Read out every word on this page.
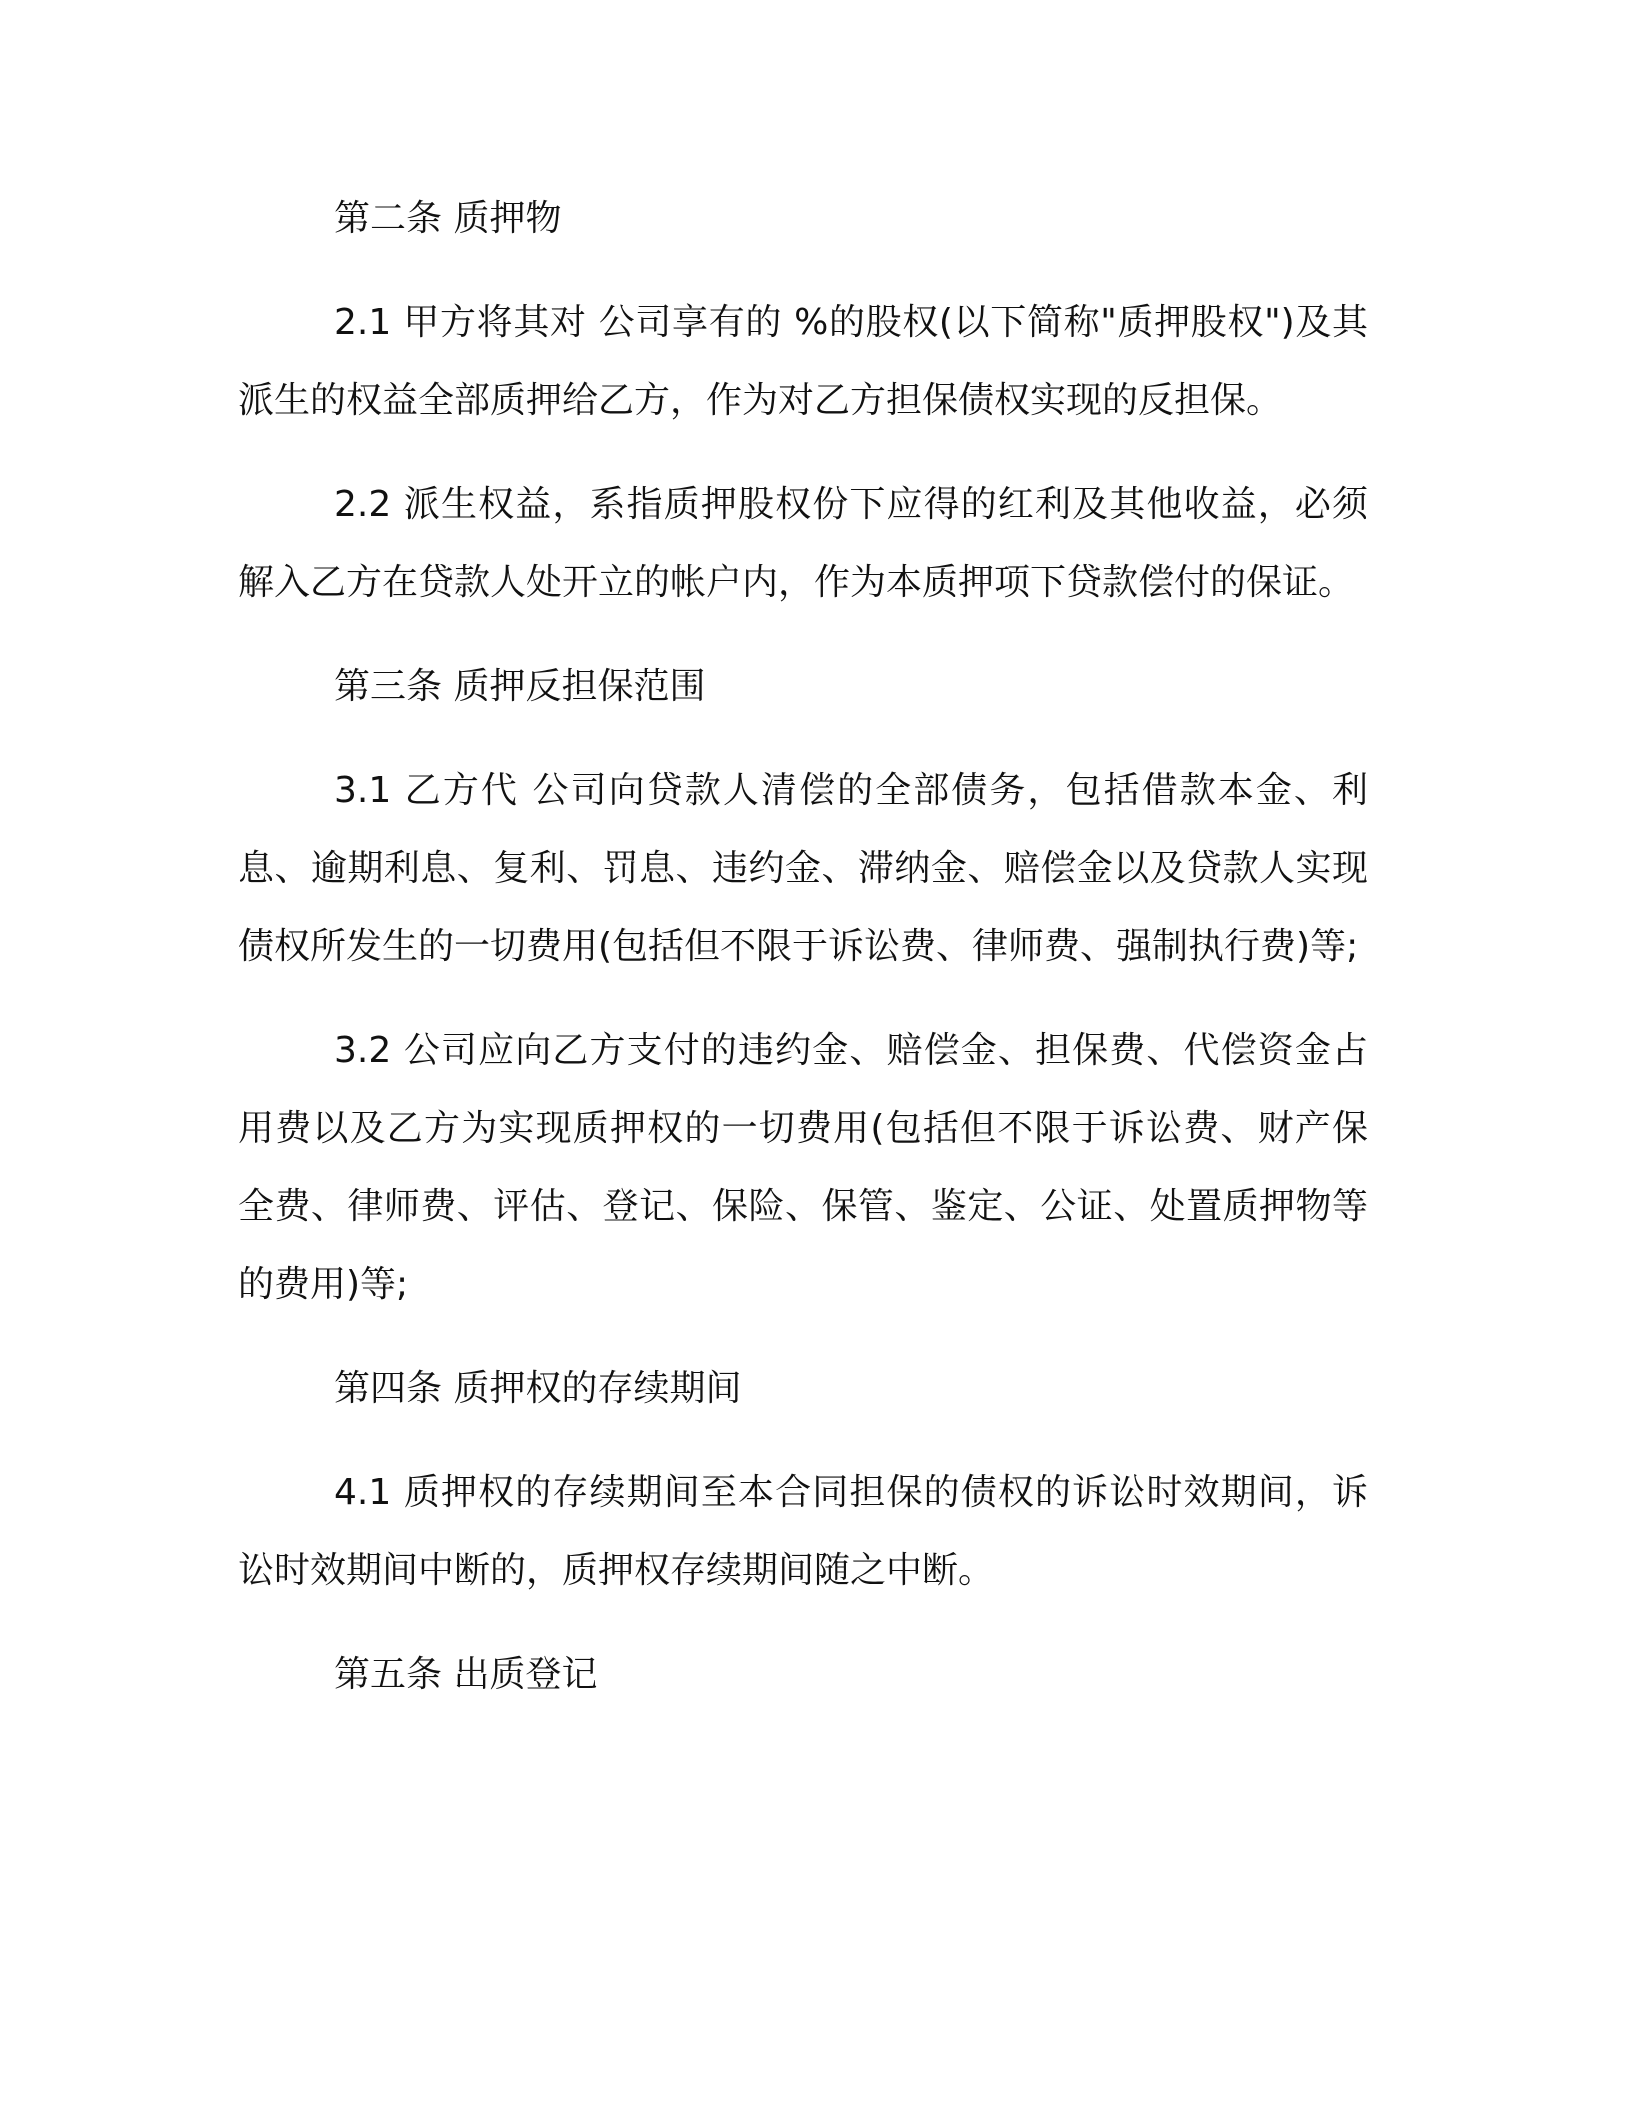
第二条 质押物

2.1 甲方将其对 公司享有的 %的股权(以下简称"质押股权")及其派生的权益全部质押给乙方，作为对乙方担保债权实现的反担保。

2.2 派生权益，系指质押股权份下应得的红利及其他收益，必须解入乙方在贷款人处开立的帐户内，作为本质押项下贷款偿付的保证。

第三条 质押反担保范围

3.1 乙方代 公司向贷款人清偿的全部债务，包括借款本金、利息、逾期利息、复利、罚息、违约金、滞纳金、赔偿金以及贷款人实现债权所发生的一切费用(包括但不限于诉讼费、律师费、强制执行费)等;

3.2 公司应向乙方支付的违约金、赔偿金、担保费、代偿资金占用费以及乙方为实现质押权的一切费用(包括但不限于诉讼费、财产保全费、律师费、评估、登记、保险、保管、鉴定、公证、处置质押物等的费用)等;

第四条 质押权的存续期间

4.1 质押权的存续期间至本合同担保的债权的诉讼时效期间，诉讼时效期间中断的，质押权存续期间随之中断。

第五条 出质登记
